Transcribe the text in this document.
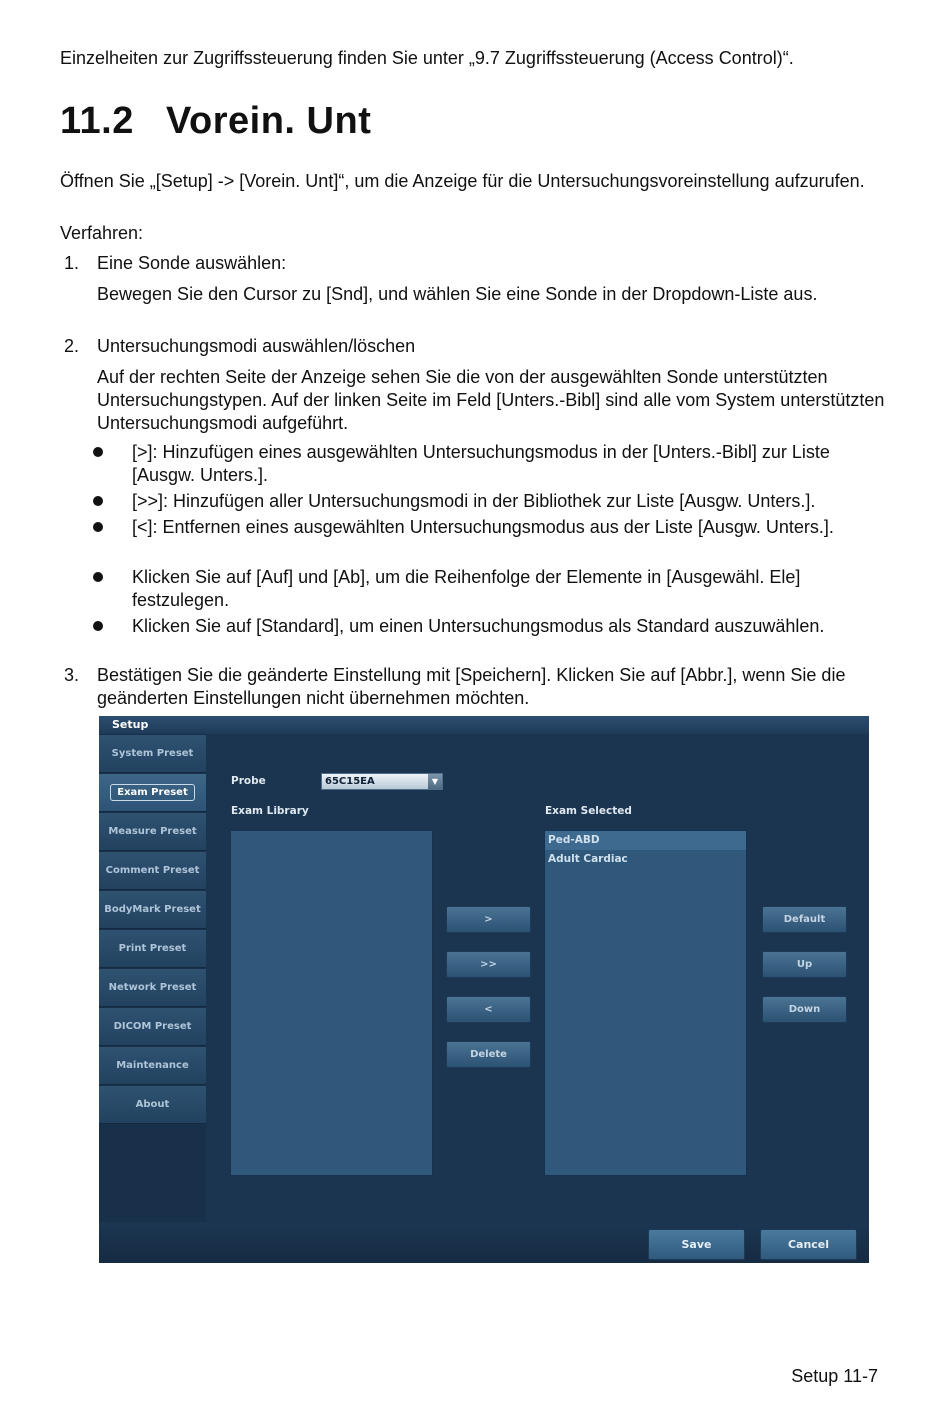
Einzelheiten zur Zugriffssteuerung finden Sie unter „9.7 Zugriffssteuerung (Access Control)“.
11.2 Vorein. Unt
Öffnen Sie „[Setup] -> [Vorein. Unt]“, um die Anzeige für die Untersuchungsvoreinstellung aufzurufen.
Verfahren:
1. Eine Sonde auswählen:
Bewegen Sie den Cursor zu [Snd], und wählen Sie eine Sonde in der Dropdown-Liste aus.
2. Untersuchungsmodi auswählen/löschen
Auf der rechten Seite der Anzeige sehen Sie die von der ausgewählten Sonde unterstützten Untersuchungstypen. Auf der linken Seite im Feld [Unters.-Bibl] sind alle vom System unterstützten Untersuchungsmodi aufgeführt.
[>]: Hinzufügen eines ausgewählten Untersuchungsmodus in der [Unters.-Bibl] zur Liste [Ausgw. Unters.].
[>>]: Hinzufügen aller Untersuchungsmodi in der Bibliothek zur Liste [Ausgw. Unters.].
[<]: Entfernen eines ausgewählten Untersuchungsmodus aus der Liste [Ausgw. Unters.].
Klicken Sie auf [Auf] und [Ab], um die Reihenfolge der Elemente in [Ausgewähl. Ele] festzulegen.
Klicken Sie auf [Standard], um einen Untersuchungsmodus als Standard auszuwählen.
3. Bestätigen Sie die geänderte Einstellung mit [Speichern]. Klicken Sie auf [Abbr.], wenn Sie die geänderten Einstellungen nicht übernehmen möchten.
Setup
System Preset
Exam Preset
Measure Preset
Comment Preset
BodyMark Preset
Print Preset
Network Preset
DICOM Preset
Maintenance
About
Probe	65C15EA	▼
Exam Library	Exam Selected
Ped-ABD
Adult Cardiac
>
>>
<
Delete
Default
Up
Down
Save	Cancel
Setup 11-7
